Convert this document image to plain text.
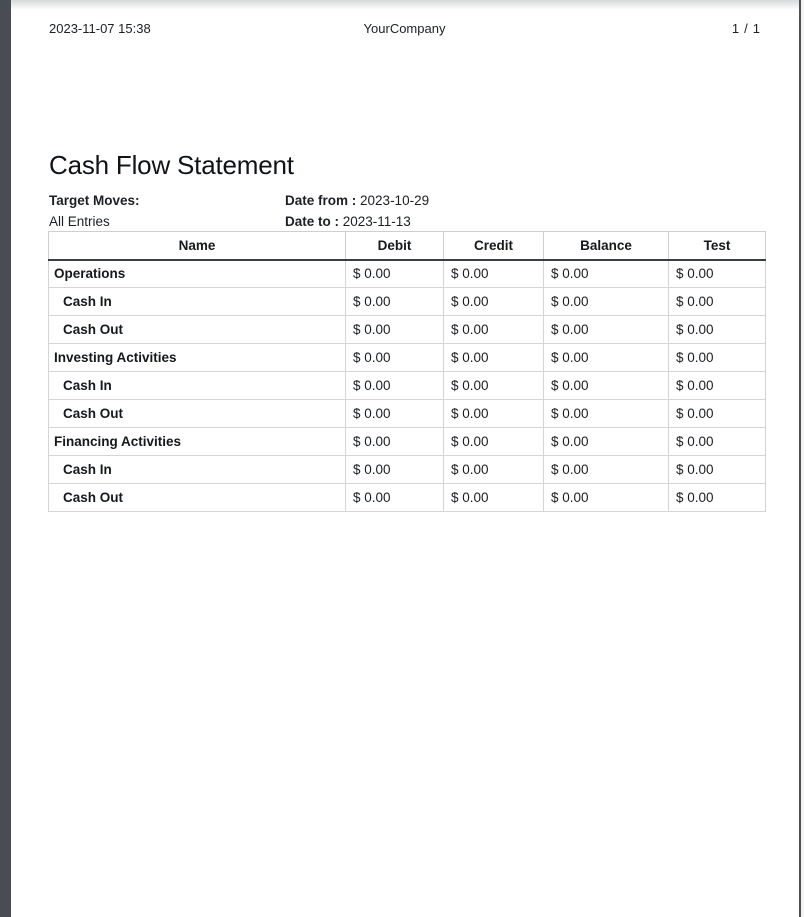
2023-11-07 15:38	YourCompany	1 / 1
Cash Flow Statement
Target Moves:	Date from : 2023-10-29
All Entries	Date to : 2023-11-13
Name	Debit	Credit	Balance	Test
Operations	$ 0.00	$ 0.00	$ 0.00	$ 0.00
Cash In	$ 0.00	$ 0.00	$ 0.00	$ 0.00
Cash Out	$ 0.00	$ 0.00	$ 0.00	$ 0.00
Investing Activities	$ 0.00	$ 0.00	$ 0.00	$ 0.00
Cash In	$ 0.00	$ 0.00	$ 0.00	$ 0.00
Cash Out	$ 0.00	$ 0.00	$ 0.00	$ 0.00
Financing Activities	$ 0.00	$ 0.00	$ 0.00	$ 0.00
Cash In	$ 0.00	$ 0.00	$ 0.00	$ 0.00
Cash Out	$ 0.00	$ 0.00	$ 0.00	$ 0.00
